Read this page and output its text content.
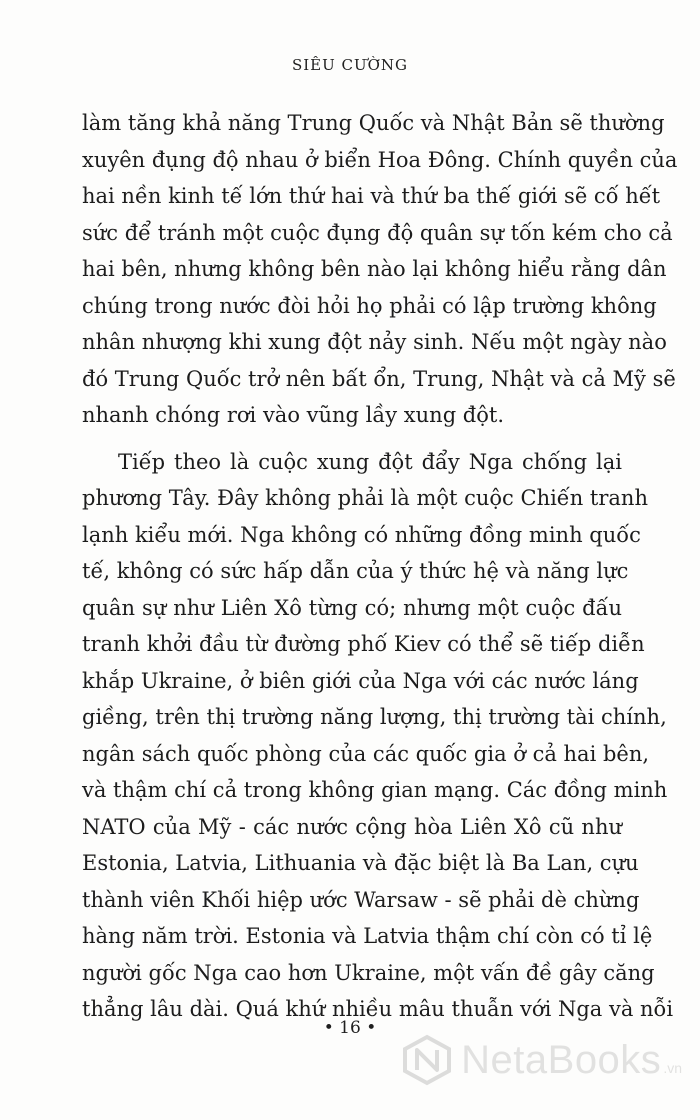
SIÊU CƯỜNG
làm tăng khả năng Trung Quốc và Nhật Bản sẽ thường
xuyên đụng độ nhau ở biển Hoa Đông. Chính quyền của
hai nền kinh tế lớn thứ hai và thứ ba thế giới sẽ cố hết
sức để tránh một cuộc đụng độ quân sự tốn kém cho cả
hai bên, nhưng không bên nào lại không hiểu rằng dân
chúng trong nước đòi hỏi họ phải có lập trường không
nhân nhượng khi xung đột nảy sinh. Nếu một ngày nào
đó Trung Quốc trở nên bất ổn, Trung, Nhật và cả Mỹ sẽ
nhanh chóng rơi vào vũng lầy xung đột.
Tiếp theo là cuộc xung đột đẩy Nga chống lại
phương Tây. Đây không phải là một cuộc Chiến tranh
lạnh kiểu mới. Nga không có những đồng minh quốc
tế, không có sức hấp dẫn của ý thức hệ và năng lực
quân sự như Liên Xô từng có; nhưng một cuộc đấu
tranh khởi đầu từ đường phố Kiev có thể sẽ tiếp diễn
khắp Ukraine, ở biên giới của Nga với các nước láng
giềng, trên thị trường năng lượng, thị trường tài chính,
ngân sách quốc phòng của các quốc gia ở cả hai bên,
và thậm chí cả trong không gian mạng. Các đồng minh
NATO của Mỹ - các nước cộng hòa Liên Xô cũ như
Estonia, Latvia, Lithuania và đặc biệt là Ba Lan, cựu
thành viên Khối hiệp ước Warsaw - sẽ phải dè chừng
hàng năm trời. Estonia và Latvia thậm chí còn có tỉ lệ
người gốc Nga cao hơn Ukraine, một vấn đề gây căng
thẳng lâu dài. Quá khứ nhiều mâu thuẫn với Nga và nỗi
• 16 •
NetaBooks .vn
